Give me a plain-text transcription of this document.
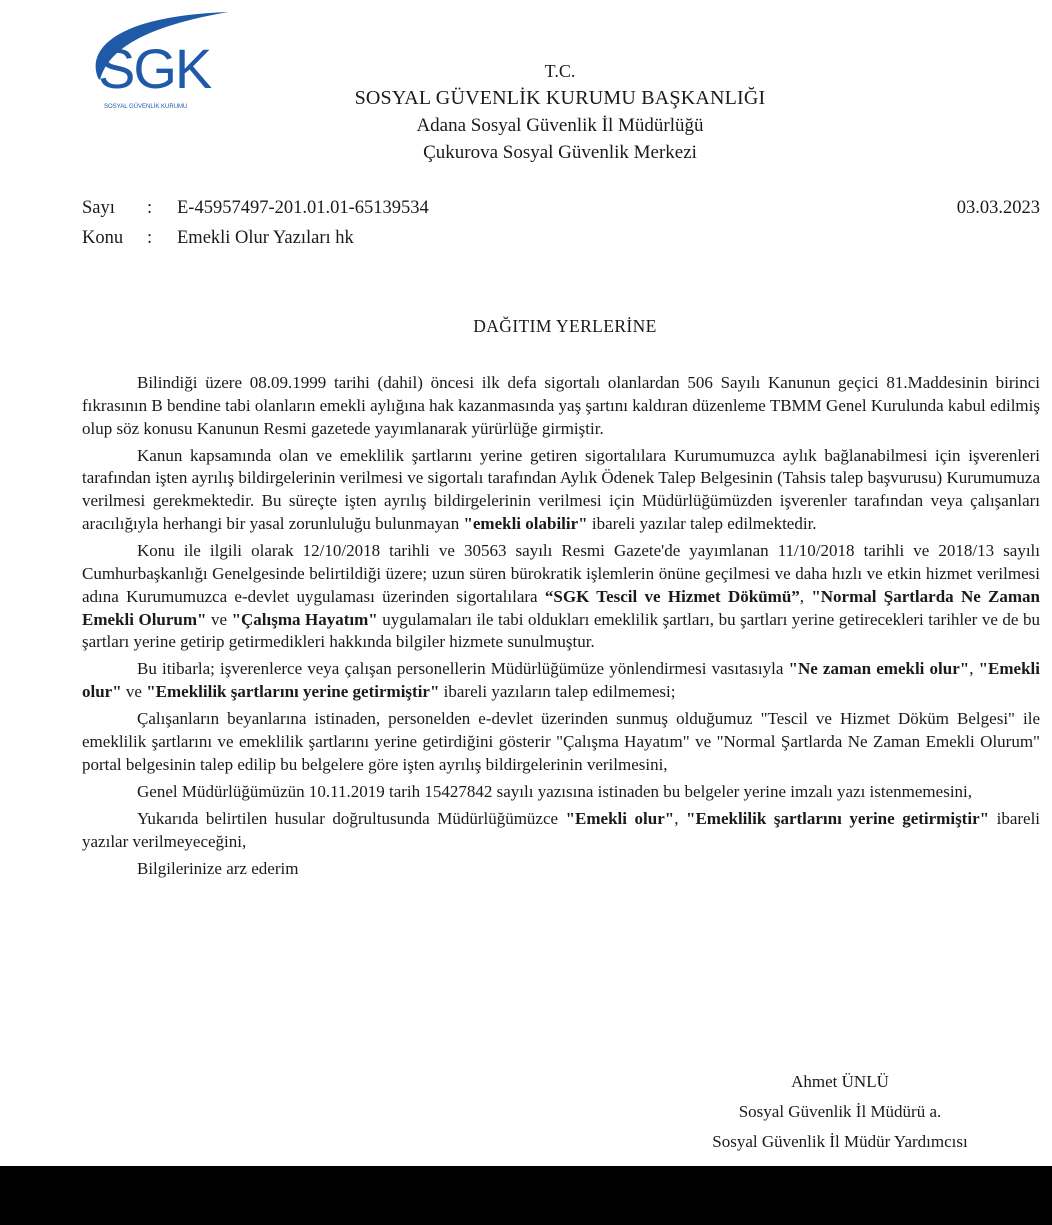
SGK
SOSYAL GÜVENLİK KURUMU
T.C.
SOSYAL GÜVENLİK KURUMU BAŞKANLIĞI
Adana Sosyal Güvenlik İl Müdürlüğü
Çukurova Sosyal Güvenlik Merkezi
Sayı : E-45957497-201.01.01-65139534
Konu : Emekli Olur Yazıları hk
03.03.2023
DAĞITIM YERLERİNE

Bilindiği üzere 08.09.1999 tarihi (dahil) öncesi ilk defa sigortalı olanlardan 506 Sayılı Kanunun geçici 81.Maddesinin birinci fıkrasının B bendine tabi olanların emekli aylığına hak kazanmasında yaş şartını kaldıran düzenleme TBMM Genel Kurulunda kabul edilmiş olup söz konusu Kanunun Resmi gazetede yayımlanarak yürürlüğe girmiştir.

Kanun kapsamında olan ve emeklilik şartlarını yerine getiren sigortalılara Kurumumuzca aylık bağlanabilmesi için işverenleri tarafından işten ayrılış bildirgelerinin verilmesi ve sigortalı tarafından Aylık Ödenek Talep Belgesinin (Tahsis talep başvurusu) Kurumumuza verilmesi gerekmektedir. Bu süreçte işten ayrılış bildirgelerinin verilmesi için Müdürlüğümüzden işverenler tarafından veya çalışanları aracılığıyla herhangi bir yasal zorunluluğu bulunmayan "emekli olabilir" ibareli yazılar talep edilmektedir.

Konu ile ilgili olarak 12/10/2018 tarihli ve 30563 sayılı Resmi Gazete'de yayımlanan 11/10/2018 tarihli ve 2018/13 sayılı Cumhurbaşkanlığı Genelgesinde belirtildiği üzere; uzun süren bürokratik işlemlerin önüne geçilmesi ve daha hızlı ve etkin hizmet verilmesi adına Kurumumuzca e-devlet uygulaması üzerinden sigortalılara “SGK Tescil ve Hizmet Dökümü”, "Normal Şartlarda Ne Zaman Emekli Olurum" ve "Çalışma Hayatım" uygulamaları ile tabi oldukları emeklilik şartları, bu şartları yerine getirecekleri tarihler ve de bu şartları yerine getirip getirmedikleri hakkında bilgiler hizmete sunulmuştur.

Bu itibarla; işverenlerce veya çalışan personellerin Müdürlüğümüze yönlendirmesi vasıtasıyla "Ne zaman emekli olur", "Emekli olur" ve "Emeklilik şartlarını yerine getirmiştir" ibareli yazıların talep edilmemesi;

Çalışanların beyanlarına istinaden, personelden e-devlet üzerinden sunmuş olduğumuz "Tescil ve Hizmet Döküm Belgesi" ile emeklilik şartlarını ve emeklilik şartlarını yerine getirdiğini gösterir "Çalışma Hayatım" ve "Normal Şartlarda Ne Zaman Emekli Olurum" portal belgesinin talep edilip bu belgelere göre işten ayrılış bildirgelerinin verilmesini,

Genel Müdürlüğümüzün 10.11.2019 tarih 15427842 sayılı yazısına istinaden bu belgeler yerine imzalı yazı istenmemesini,

Yukarıda belirtilen husular doğrultusunda Müdürlüğümüzce "Emekli olur", "Emeklilik şartlarını yerine getirmiştir" ibareli yazılar verilmeyeceğini,

Bilgilerinize arz ederim

Ahmet ÜNLÜ
Sosyal Güvenlik İl Müdürü a.
Sosyal Güvenlik İl Müdür Yardımcısı
